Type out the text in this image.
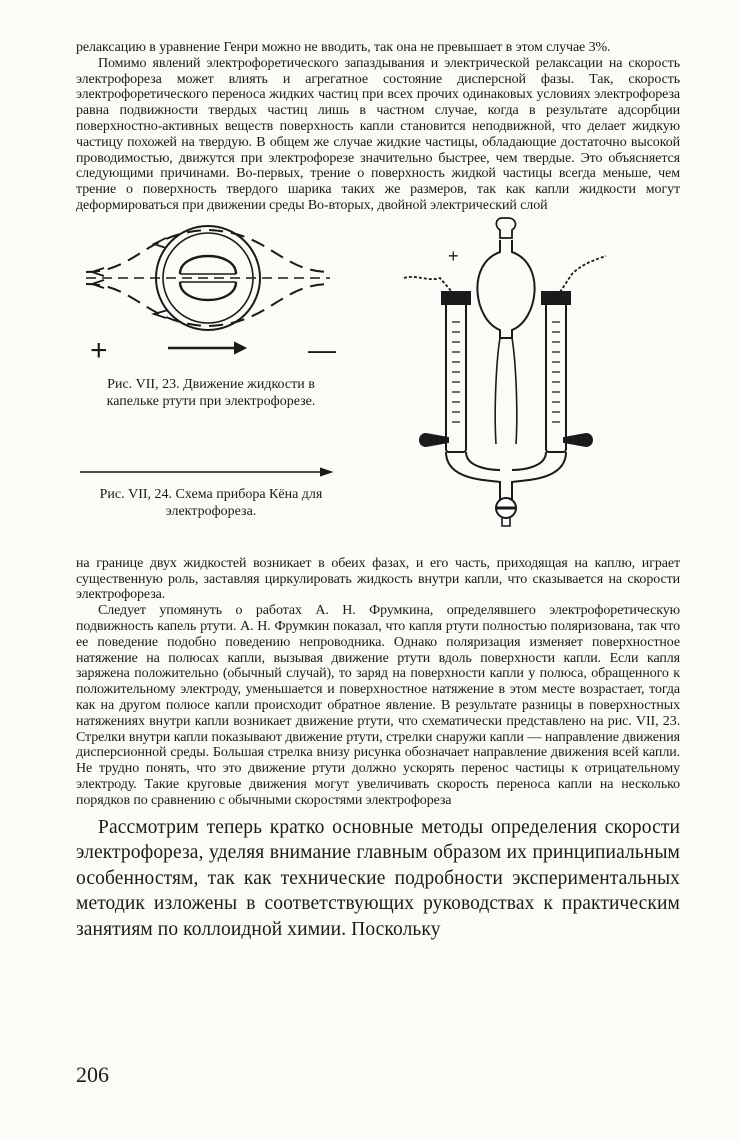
релаксацию в уравнение Генри можно не вводить, так она не превышает в этом случае 3%.

Помимо явлений электрофоретического запаздывания и электрической релаксации на скорость электрофореза может влиять и агрегатное состояние дисперсной фазы. Так, скорость электрофоретического переноса жидких частиц при всех прочих одинаковых условиях электрофореза равна подвижности твердых частиц лишь в частном случае, когда в результате адсорбции поверхностно-активных веществ поверхность капли становится неподвижной, что делает жидкую частицу похожей на твердую. В общем же случае жидкие частицы, обладающие достаточно высокой проводимостью, движутся при электрофорезе значительно быстрее, чем твердые. Это объясняется следующими причинами. Во-первых, трение о поверхность жидкой частицы всегда меньше, чем трение о поверхность твердого шарика таких же размеров, так как капли жидкости могут деформироваться при движении среды Во-вторых, двойной электрический слой

+	—
Рис. VII, 23. Движение жидкости в капельке ртути при электрофорезе.
Рис. VII, 24. Схема прибора Кёна для электрофореза.
+

на границе двух жидкостей возникает в обеих фазах, и его часть, приходящая на каплю, играет существенную роль, заставляя циркулировать жидкость внутри капли, что сказывается на скорости электрофореза.

Следует упомянуть о работах А. Н. Фрумкина, определявшего электрофоретическую подвижность капель ртути. А. Н. Фрумкин показал, что капля ртути полностью поляризована, так что ее поведение подобно поведению непроводника. Однако поляризация изменяет поверхностное натяжение на полюсах капли, вызывая движение ртути вдоль поверхности капли. Если капля заряжена положительно (обычный случай), то заряд на поверхности капли у полюса, обращенного к положительному электроду, уменьшается и поверхностное натяжение в этом месте возрастает, тогда как на другом полюсе капли происходит обратное явление. В результате разницы в поверхностных натяжениях внутри капли возникает движение ртути, что схематически представлено на рис. VII, 23. Стрелки внутри капли показывают движение ртути, стрелки снаружи капли — направление движения дисперсионной среды. Большая стрелка внизу рисунка обозначает направление движения всей капли. Не трудно понять, что это движение ртути должно ускорять перенос частицы к отрицательному электроду. Такие круговые движения могут увеличивать скорость переноса капли на несколько порядков по сравнению с обычными скоростями электрофореза

Рассмотрим теперь кратко основные методы определения скорости электрофореза, уделяя внимание главным образом их принципиальным особенностям, так как технические подробности экспериментальных методик изложены в соответствующих руководствах к практическим занятиям по коллоидной химии. Поскольку

206
